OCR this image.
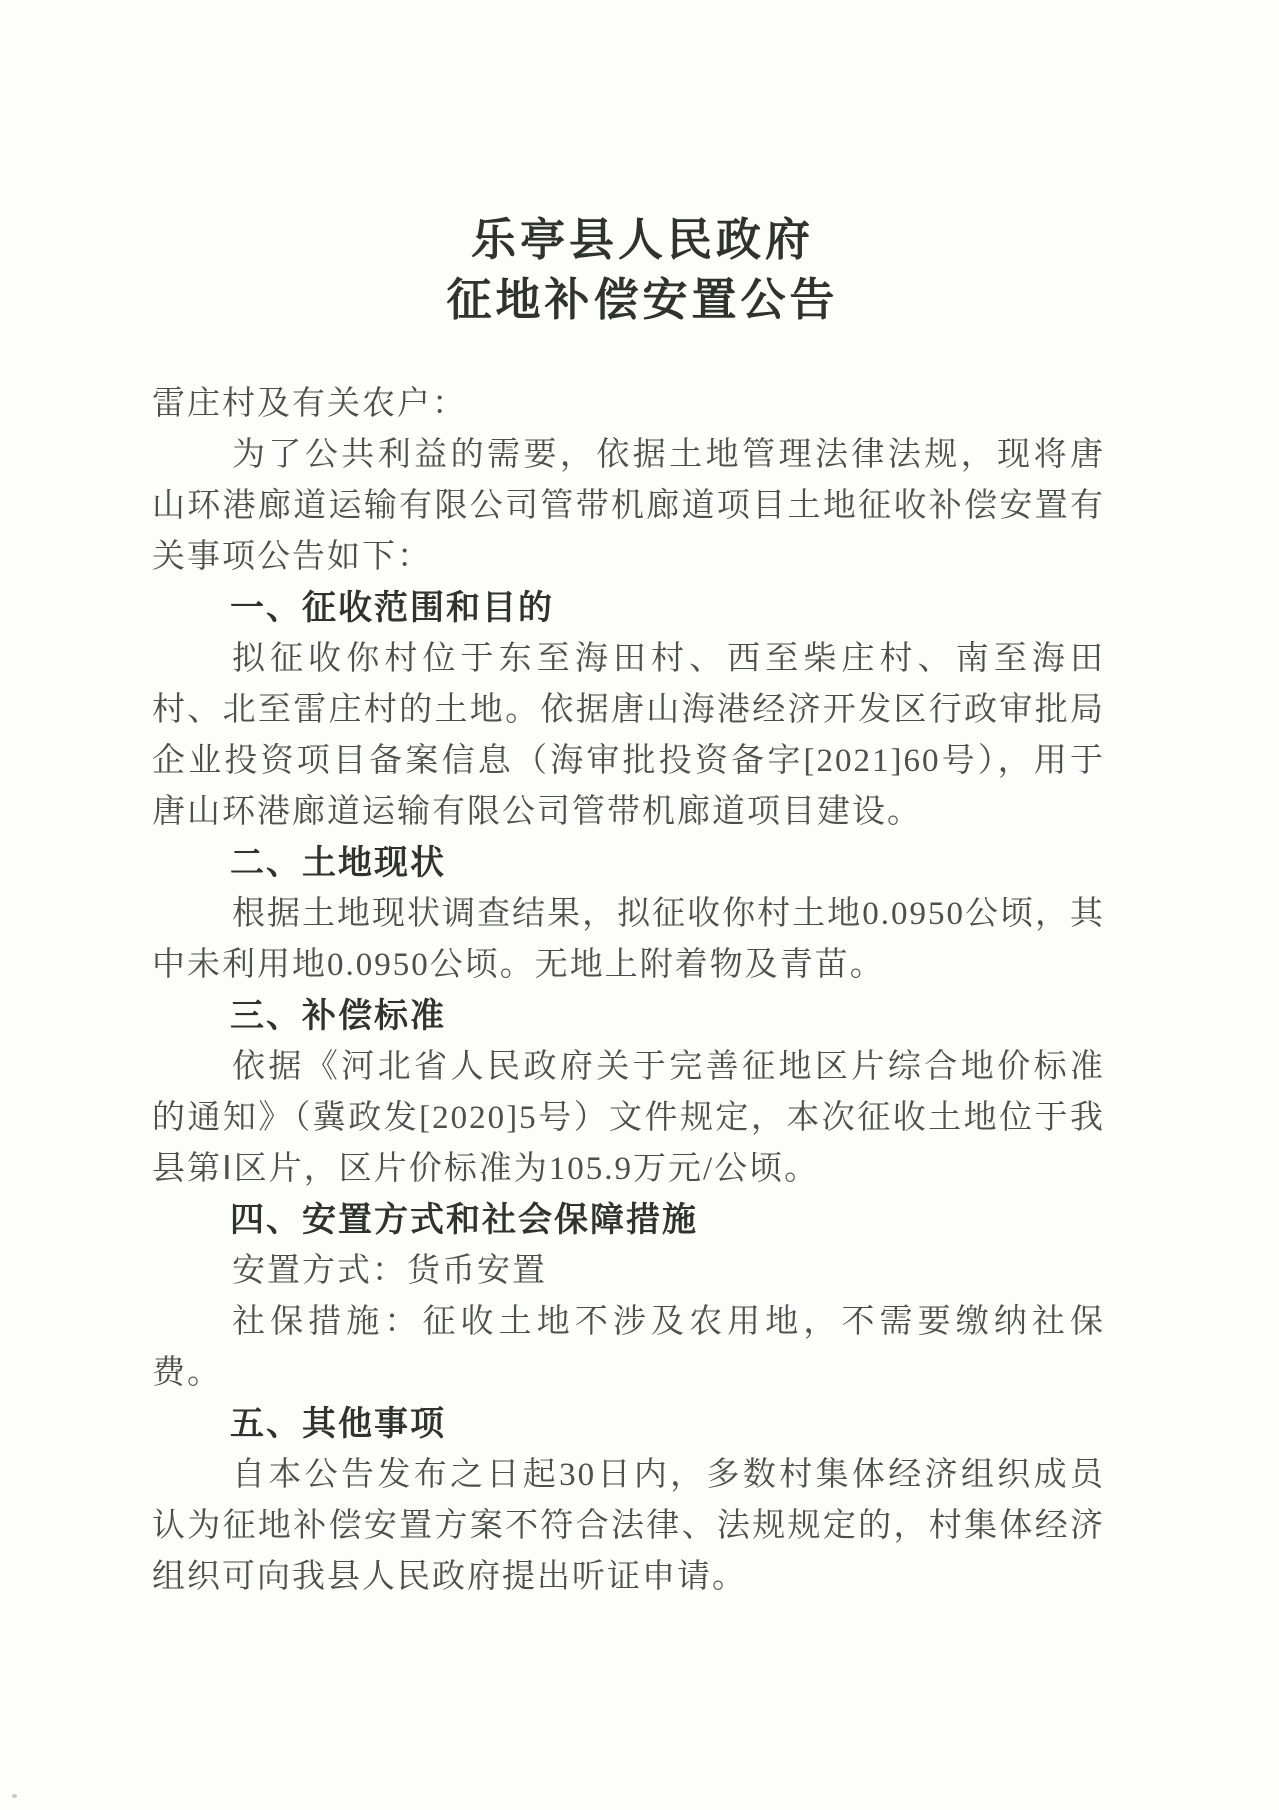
乐亭县人民政府
征地补偿安置公告

雷庄村及有关农户：

为了公共利益的需要，依据土地管理法律法规，现将唐山环港廊道运输有限公司管带机廊道项目土地征收补偿安置有关事项公告如下：

一、征收范围和目的

拟征收你村位于东至海田村、西至柴庄村、南至海田村、北至雷庄村的土地。依据唐山海港经济开发区行政审批局企业投资项目备案信息（海审批投资备字[2021]60号），用于唐山环港廊道运输有限公司管带机廊道项目建设。

二、土地现状

根据土地现状调查结果，拟征收你村土地0.0950公顷，其中未利用地0.0950公顷。无地上附着物及青苗。

三、补偿标准

依据《河北省人民政府关于完善征地区片综合地价标准的通知》（冀政发[2020]5号）文件规定，本次征收土地位于我县第Ⅰ区片，区片价标准为105.9万元/公顷。

四、安置方式和社会保障措施

安置方式：货币安置

社保措施：征收土地不涉及农用地，不需要缴纳社保费。

五、其他事项

自本公告发布之日起30日内，多数村集体经济组织成员认为征地补偿安置方案不符合法律、法规规定的，村集体经济组织可向我县人民政府提出听证申请。
